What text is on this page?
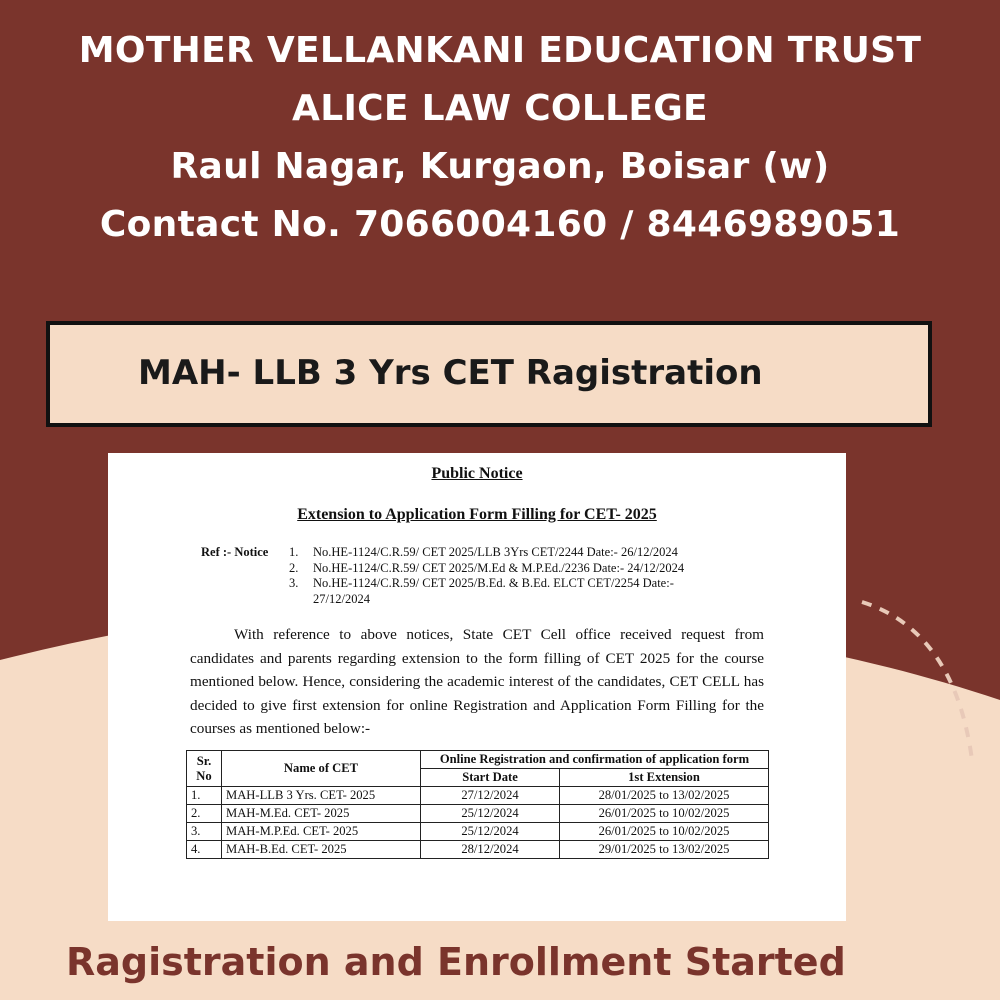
MOTHER VELLANKANI EDUCATION TRUST
ALICE LAW COLLEGE
Raul Nagar, Kurgaon, Boisar (w)
Contact No. 7066004160 / 8446989051
MAH- LLB 3 Yrs CET Ragistration
Public Notice
Extension to Application Form Filling for CET- 2025
Ref :- Notice 1. No.HE-1124/C.R.59/ CET 2025/LLB 3Yrs CET/2244 Date:- 26/12/2024
2. No.HE-1124/C.R.59/ CET 2025/M.Ed & M.P.Ed./2236 Date:- 24/12/2024
3. No.HE-1124/C.R.59/ CET 2025/B.Ed. & B.Ed. ELCT CET/2254 Date:-
27/12/2024
With reference to above notices, State CET Cell office received request from candidates and parents regarding extension to the form filling of CET 2025 for the course mentioned below. Hence, considering the academic interest of the candidates, CET CELL has decided to give first extension for online Registration and Application Form Filling for the courses as mentioned below:-
Sr. No	Name of CET	Online Registration and confirmation of application form	
		Start Date	1st Extension
1.	MAH-LLB 3 Yrs. CET- 2025	27/12/2024	28/01/2025 to 13/02/2025
2.	MAH-M.Ed. CET- 2025	25/12/2024	26/01/2025 to 10/02/2025
3.	MAH-M.P.Ed. CET- 2025	25/12/2024	26/01/2025 to 10/02/2025
4.	MAH-B.Ed. CET- 2025	28/12/2024	29/01/2025 to 13/02/2025
Ragistration and Enrollment Started
